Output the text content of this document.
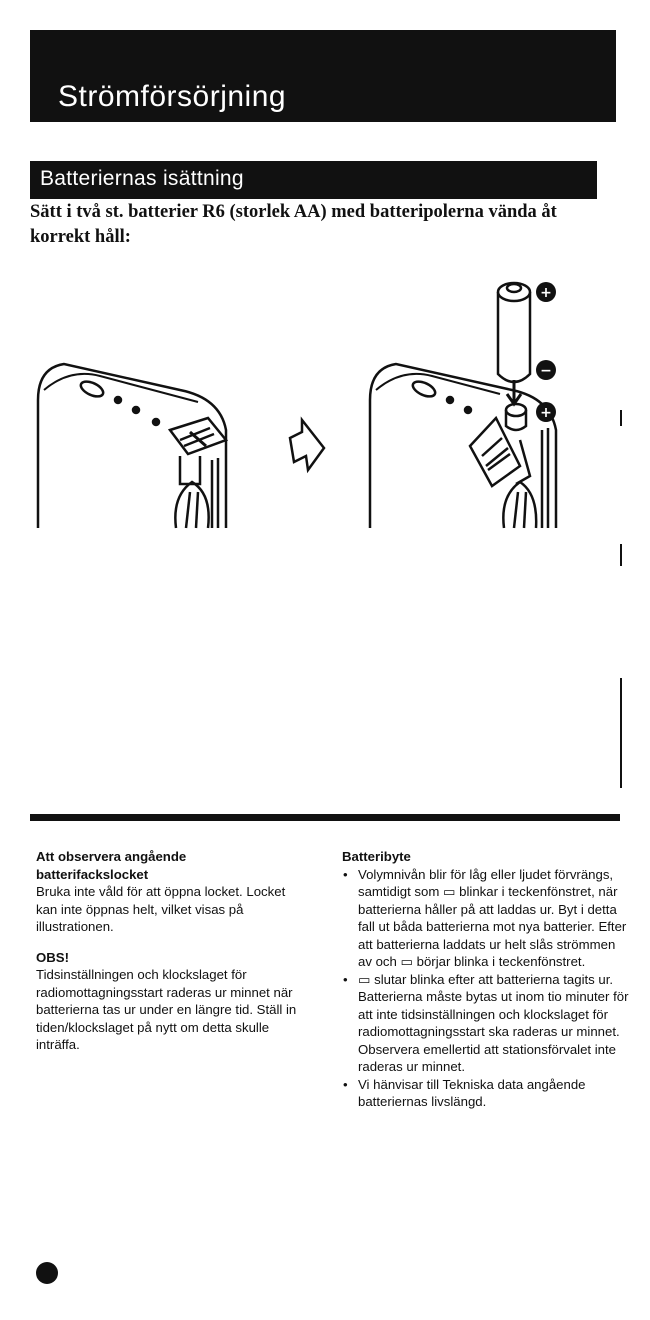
Strömförsörjning
Batteriernas isättning

Sätt i två st. batterier R6 (storlek AA) med batteripolerna vända åt korrekt håll:

+
−
+
Att observera angående batterifackslocket

Bruka inte våld för att öppna locket. Locket kan inte öppnas helt, vilket visas på illustrationen.

OBS!

Tidsinställningen och klockslaget för radiomottagningsstart raderas ur minnet när batterierna tas ur under en längre tid. Ställ in tiden/klockslaget på nytt om detta skulle inträffa.

Batteribyte
• Volymnivån blir för låg eller ljudet förvrängs, samtidigt som ▭ blinkar i teckenfönstret, när batterierna håller på att laddas ur. Byt i detta fall ut båda batterierna mot nya batterier. Efter att batterierna laddats ur helt slås strömmen av och ▭ börjar blinka i teckenfönstret.
• ▭ slutar blinka efter att batterierna tagits ur. Batterierna måste bytas ut inom tio minuter för att inte tidsinställningen och klockslaget för radiomottagningsstart ska raderas ur minnet. Observera emellertid att stationsförvalet inte raderas ur minnet.
• Vi hänvisar till Tekniska data angående batteriernas livslängd.
